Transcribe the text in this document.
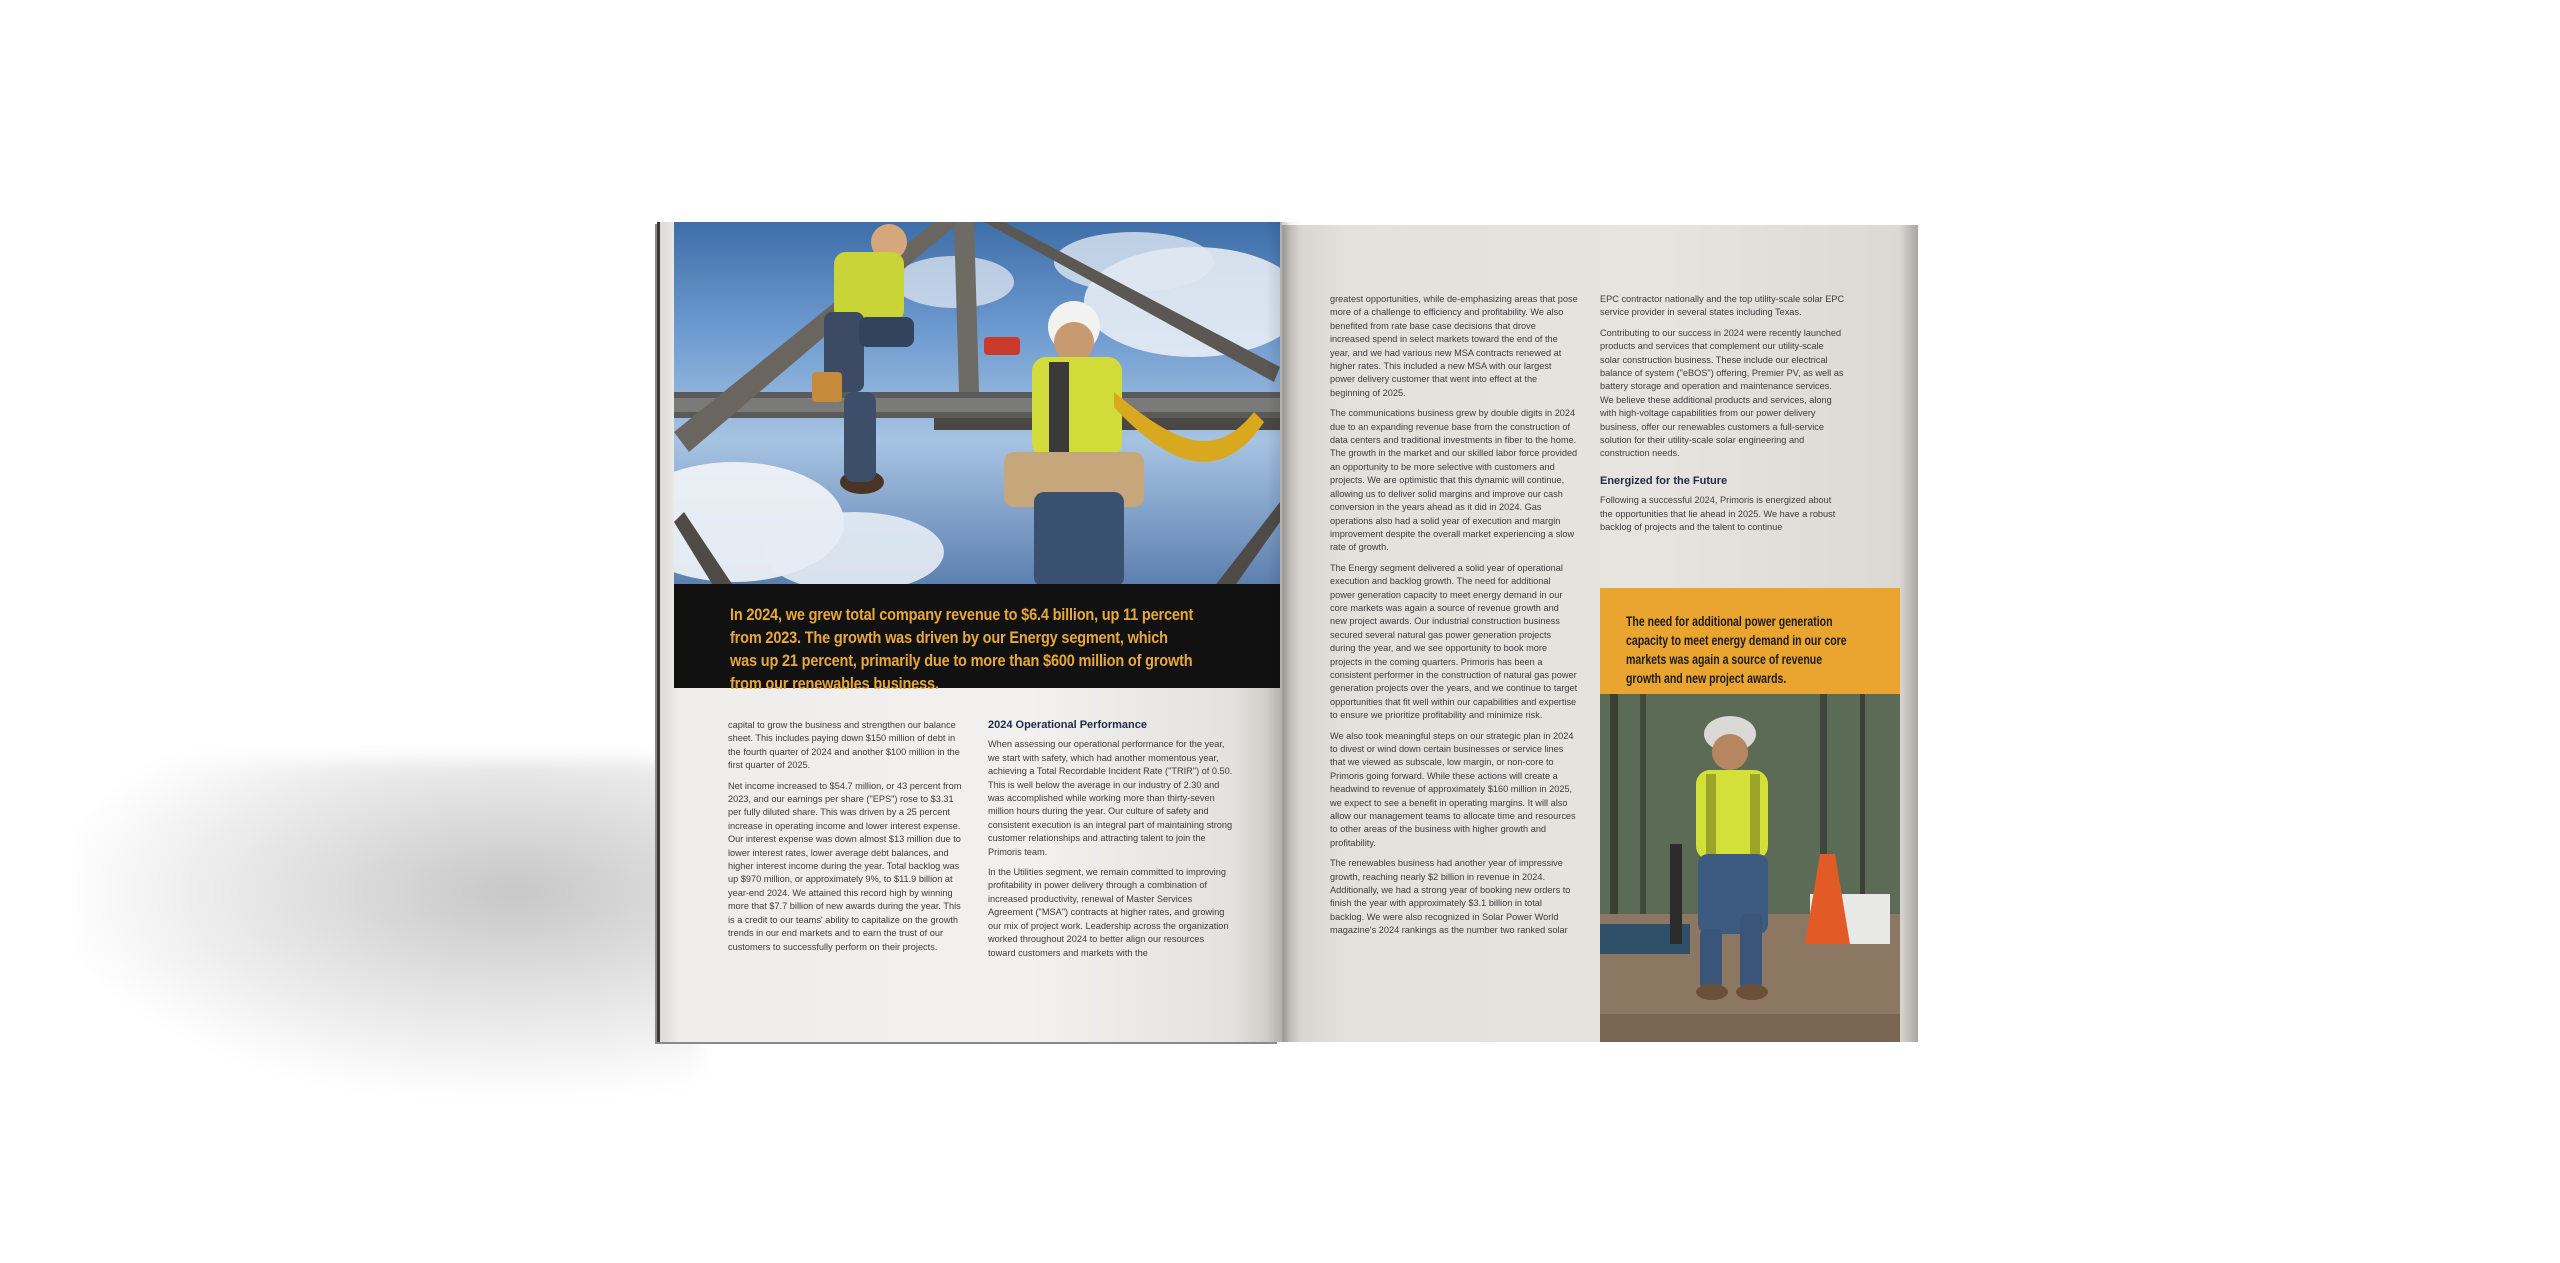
In 2024, we grew total company revenue to $6.4 billion, up 11 percent from 2023. The growth was driven by our Energy segment, which was up 21 percent, primarily due to more than $600 million of growth from our renewables business.

capital to grow the business and strengthen our balance sheet. This includes paying down $150 million of debt in the fourth quarter of 2024 and another $100 million in the first quarter of 2025.

Net income increased to $54.7 million, or 43 percent from 2023, and our earnings per share ("EPS") rose to $3.31 per fully diluted share. This was driven by a 25 percent increase in operating income and lower interest expense. Our interest expense was down almost $13 million due to lower interest rates, lower average debt balances, and higher interest income during the year. Total backlog was up $970 million, or approximately 9%, to $11.9 billion at year-end 2024. We attained this record high by winning more that $7.7 billion of new awards during the year. This is a credit to our teams' ability to capitalize on the growth trends in our end markets and to earn the trust of our customers to successfully perform on their projects.

2024 Operational Performance

When assessing our operational performance for the year, we start with safety, which had another momentous year, achieving a Total Recordable Incident Rate ("TRIR") of 0.50. This is well below the average in our industry of 2.30 and was accomplished while working more than thirty-seven million hours during the year. Our culture of safety and consistent execution is an integral part of maintaining strong customer relationships and attracting talent to join the Primoris team.

In the Utilities segment, we remain committed to improving profitability in power delivery through a combination of increased productivity, renewal of Master Services Agreement ("MSA") contracts at higher rates, and growing our mix of project work. Leadership across the organization worked throughout 2024 to better align our resources toward customers and markets with the

greatest opportunities, while de-emphasizing areas that pose more of a challenge to efficiency and profitability. We also benefited from rate base case decisions that drove increased spend in select markets toward the end of the year, and we had various new MSA contracts renewed at higher rates. This included a new MSA with our largest power delivery customer that went into effect at the beginning of 2025.

The communications business grew by double digits in 2024 due to an expanding revenue base from the construction of data centers and traditional investments in fiber to the home. The growth in the market and our skilled labor force provided an opportunity to be more selective with customers and projects. We are optimistic that this dynamic will continue, allowing us to deliver solid margins and improve our cash conversion in the years ahead as it did in 2024. Gas operations also had a solid year of execution and margin improvement despite the overall market experiencing a slow rate of growth.

The Energy segment delivered a solid year of operational execution and backlog growth. The need for additional power generation capacity to meet energy demand in our core markets was again a source of revenue growth and new project awards. Our industrial construction business secured several natural gas power generation projects during the year, and we see opportunity to book more projects in the coming quarters. Primoris has been a consistent performer in the construction of natural gas power generation projects over the years, and we continue to target opportunities that fit well within our capabilities and expertise to ensure we prioritize profitability and minimize risk.

We also took meaningful steps on our strategic plan in 2024 to divest or wind down certain businesses or service lines that we viewed as subscale, low margin, or non-core to Primoris going forward. While these actions will create a headwind to revenue of approximately $160 million in 2025, we expect to see a benefit in operating margins. It will also allow our management teams to allocate time and resources to other areas of the business with higher growth and profitability.

The renewables business had another year of impressive growth, reaching nearly $2 billion in revenue in 2024. Additionally, we had a strong year of booking new orders to finish the year with approximately $3.1 billion in total backlog. We were also recognized in Solar Power World magazine's 2024 rankings as the number two ranked solar

EPC contractor nationally and the top utility-scale solar EPC service provider in several states including Texas.

Contributing to our success in 2024 were recently launched products and services that complement our utility-scale solar construction business. These include our electrical balance of system ("eBOS") offering, Premier PV, as well as battery storage and operation and maintenance services. We believe these additional products and services, along with high-voltage capabilities from our power delivery business, offer our renewables customers a full-service solution for their utility-scale solar engineering and construction needs.

Energized for the Future

Following a successful 2024, Primoris is energized about the opportunities that lie ahead in 2025. We have a robust backlog of projects and the talent to continue

The need for additional power generation capacity to meet energy demand in our core markets was again a source of revenue growth and new project awards.
